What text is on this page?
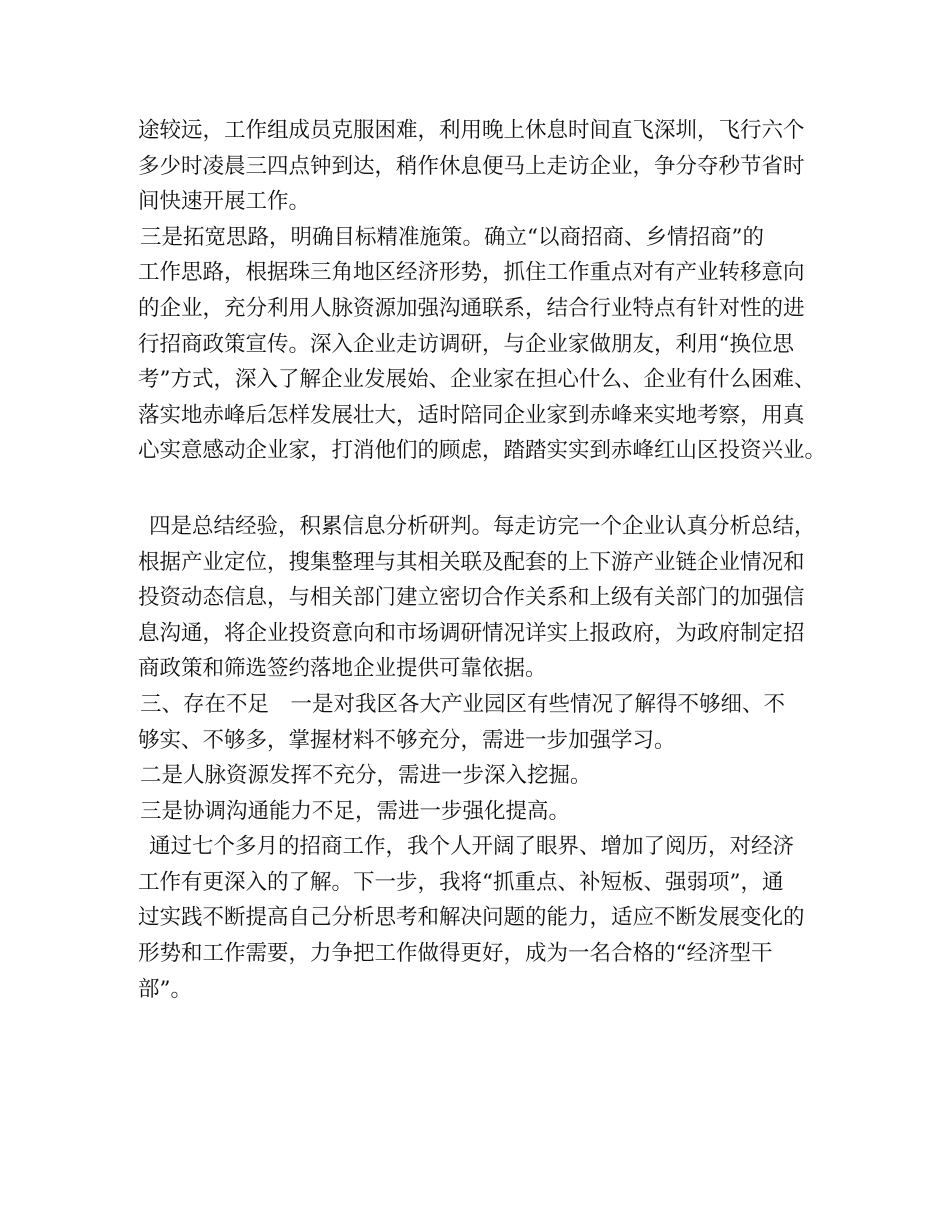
途较远，工作组成员克服困难，利用晚上休息时间直飞深圳，飞行六个
多少时凌晨三四点钟到达，稍作休息便马上走访企业，争分夺秒节省时
间快速开展工作。
三是拓宽思路，明确目标精准施策。确立“以商招商、乡情招商”的
工作思路，根据珠三角地区经济形势，抓住工作重点对有产业转移意向
的企业，充分利用人脉资源加强沟通联系，结合行业特点有针对性的进
行招商政策宣传。深入企业走访调研，与企业家做朋友，利用“换位思
考”方式，深入了解企业发展始、企业家在担心什么、企业有什么困难、
落实地赤峰后怎样发展壮大，适时陪同企业家到赤峰来实地考察，用真
心实意感动企业家，打消他们的顾虑，踏踏实实到赤峰红山区投资兴业。
四是总结经验，积累信息分析研判。每走访完一个企业认真分析总结，
根据产业定位，搜集整理与其相关联及配套的上下游产业链企业情况和
投资动态信息，与相关部门建立密切合作关系和上级有关部门的加强信
息沟通，将企业投资意向和市场调研情况详实上报政府，为政府制定招
商政策和筛选签约落地企业提供可靠依据。
三、存在不足　一是对我区各大产业园区有些情况了解得不够细、不
够实、不够多，掌握材料不够充分，需进一步加强学习。
二是人脉资源发挥不充分，需进一步深入挖掘。
三是协调沟通能力不足，需进一步强化提高。
通过七个多月的招商工作，我个人开阔了眼界、增加了阅历，对经济
工作有更深入的了解。下一步，我将“抓重点、补短板、强弱项”，通
过实践不断提高自己分析思考和解决问题的能力，适应不断发展变化的
形势和工作需要，力争把工作做得更好，成为一名合格的“经济型干
部”。
